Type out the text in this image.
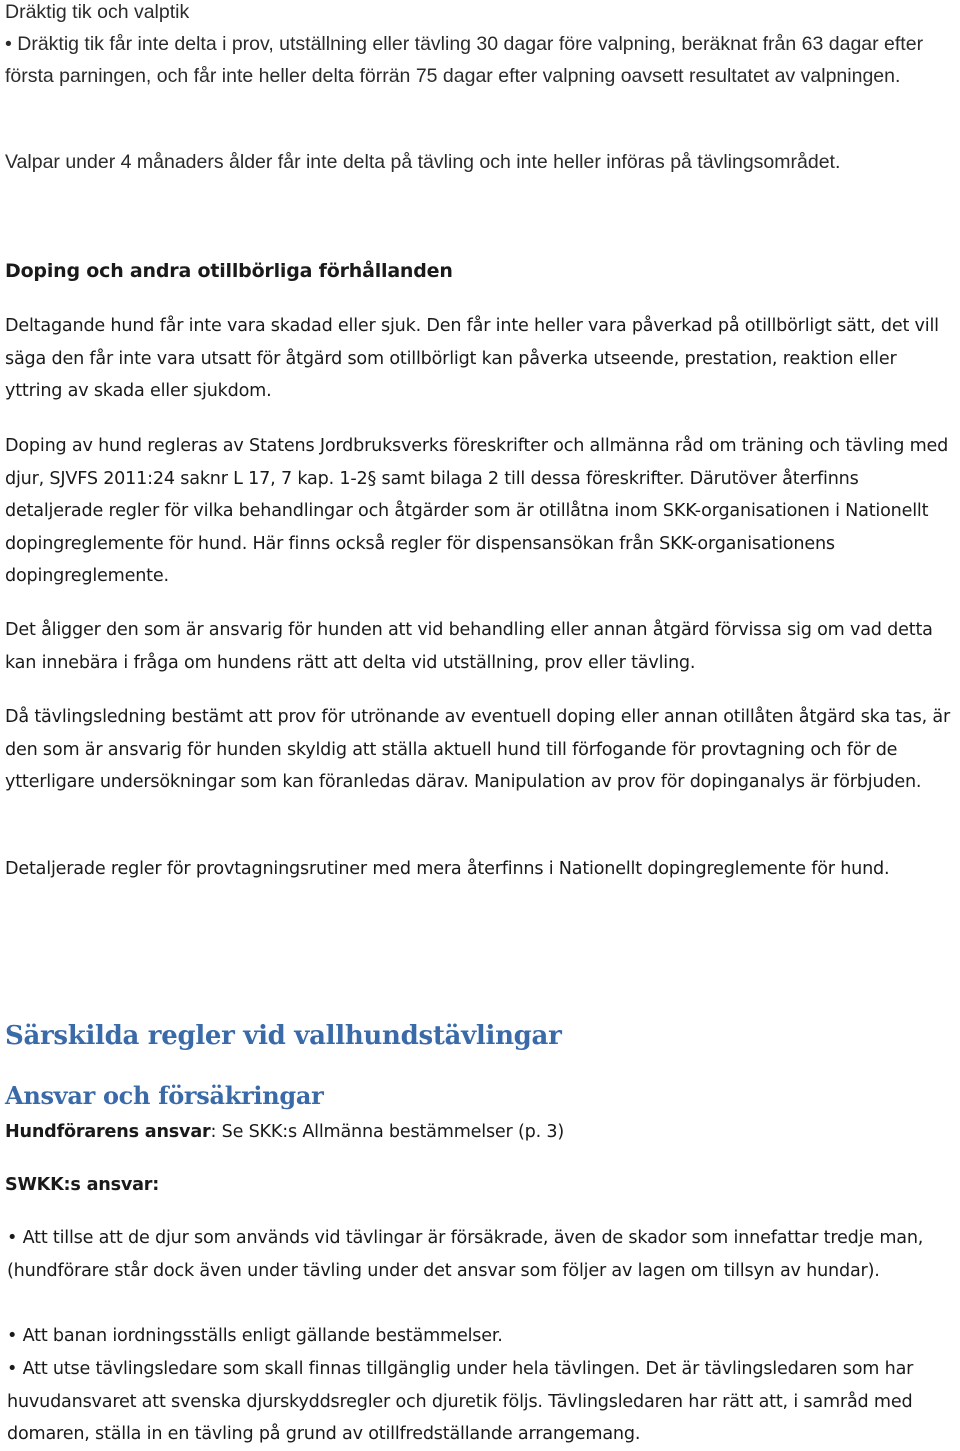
Dräktig tik och valptik

• Dräktig tik får inte delta i prov, utställning eller tävling 30 dagar före valpning, beräknat från 63 dagar efter första parningen, och får inte heller delta förrän 75 dagar efter valpning oavsett resultatet av valpningen.

Valpar under 4 månaders ålder får inte delta på tävling och inte heller införas på tävlingsområdet.

Doping och andra otillbörliga förhållanden

Deltagande hund får inte vara skadad eller sjuk. Den får inte heller vara påverkad på otillbörligt sätt, det vill säga den får inte vara utsatt för åtgärd som otillbörligt kan påverka utseende, prestation, reaktion eller yttring av skada eller sjukdom.

Doping av hund regleras av Statens Jordbruksverks föreskrifter och allmänna råd om träning och tävling med djur, SJVFS 2011:24 saknr L 17, 7 kap. 1-2§ samt bilaga 2 till dessa föreskrifter. Därutöver återfinns detaljerade regler för vilka behandlingar och åtgärder som är otillåtna inom SKK-organisationen i Nationellt dopingreglemente för hund. Här finns också regler för dispensansökan från SKK-organisationens dopingreglemente.

Det åligger den som är ansvarig för hunden att vid behandling eller annan åtgärd förvissa sig om vad detta kan innebära i fråga om hundens rätt att delta vid utställning, prov eller tävling.

Då tävlingsledning bestämt att prov för utrönande av eventuell doping eller annan otillåten åtgärd ska tas, är den som är ansvarig för hunden skyldig att ställa aktuell hund till förfogande för provtagning och för de ytterligare undersökningar som kan föranledas därav. Manipulation av prov för dopinganalys är förbjuden.

Detaljerade regler för provtagningsrutiner med mera återfinns i Nationellt dopingreglemente för hund.

Särskilda regler vid vallhundstävlingar
Ansvar och försäkringar

Hundförarens ansvar: Se SKK:s Allmänna bestämmelser (p. 3)

SWKK:s ansvar:

• Att tillse att de djur som används vid tävlingar är försäkrade, även de skador som innefattar tredje man, (hundförare står dock även under tävling under det ansvar som följer av lagen om tillsyn av hundar).

• Att banan iordningsställs enligt gällande bestämmelser.

• Att utse tävlingsledare som skall finnas tillgänglig under hela tävlingen. Det är tävlingsledaren som har huvudansvaret att svenska djurskyddsregler och djuretik följs. Tävlingsledaren har rätt att, i samråd med domaren, ställa in en tävling på grund av otillfredställande arrangemang.
